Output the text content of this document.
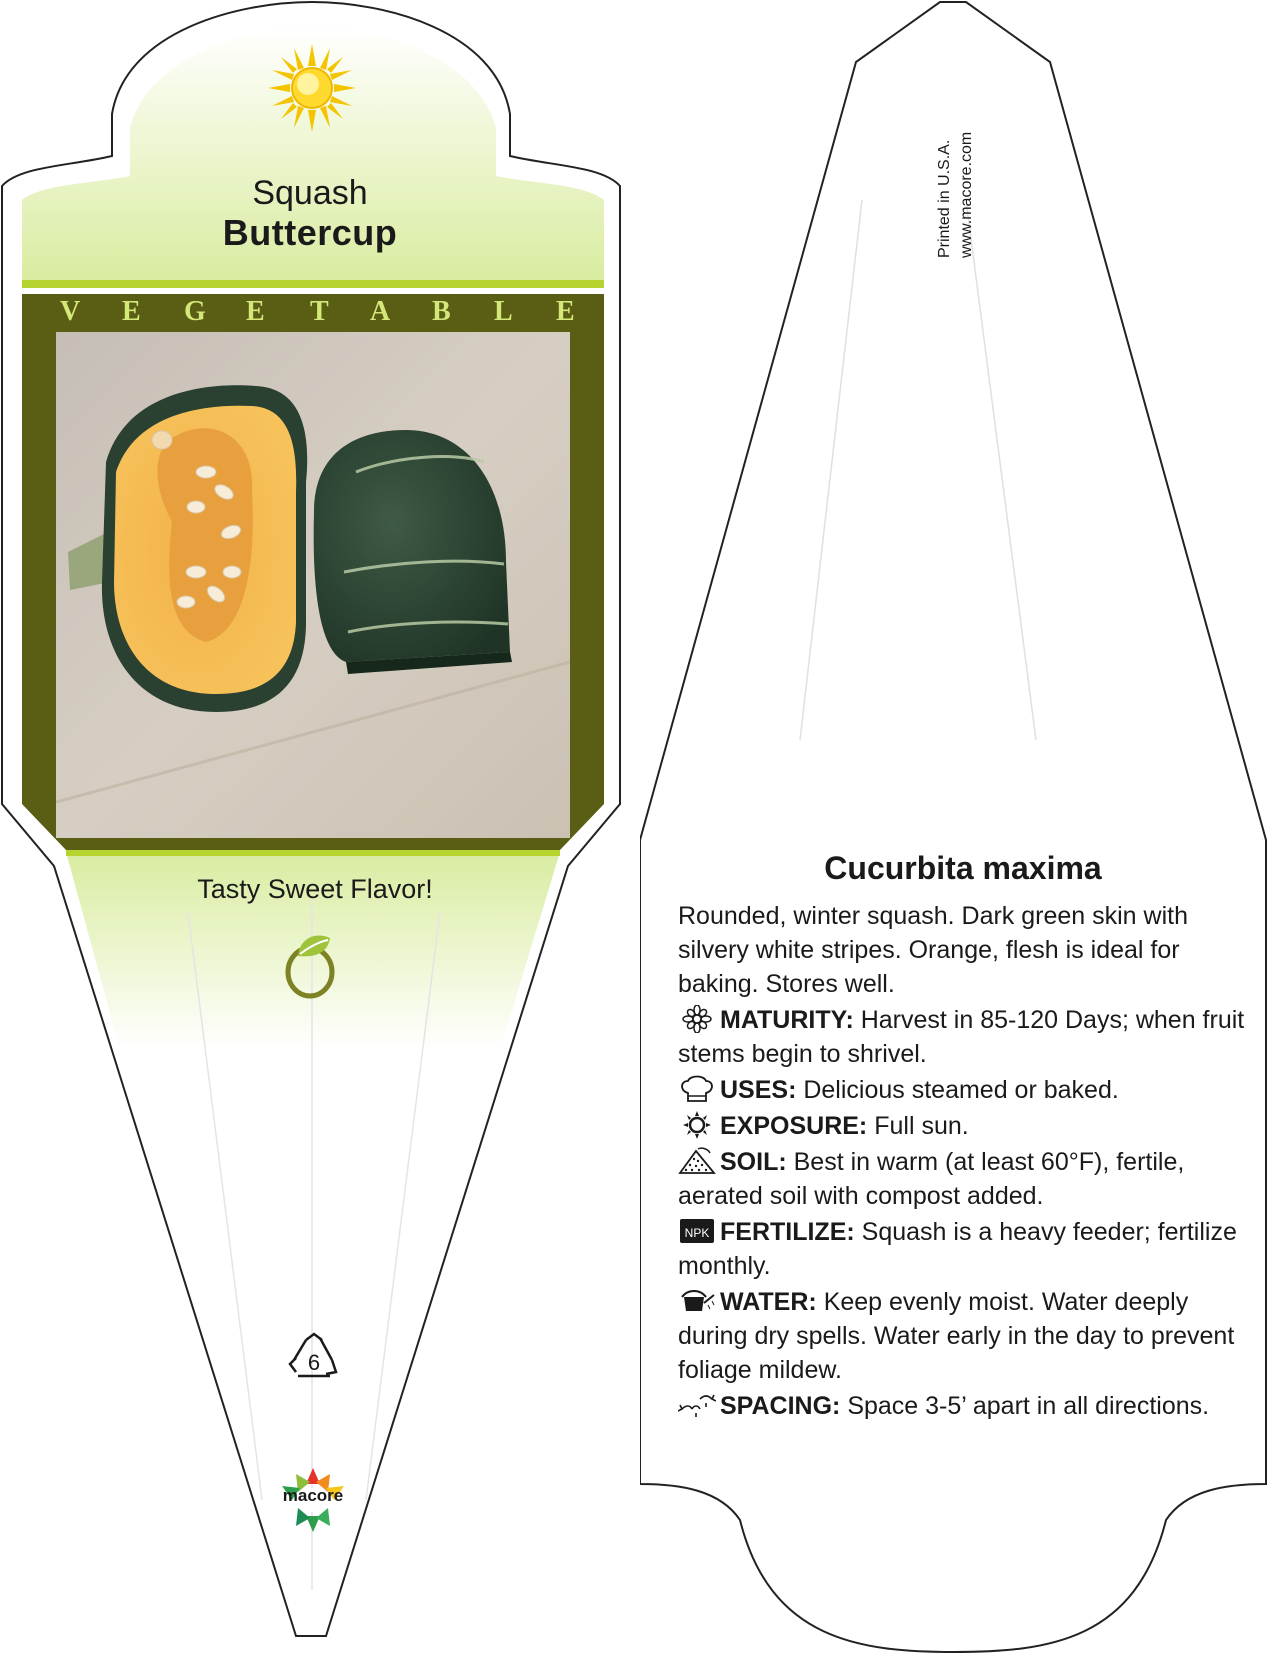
Squash
Buttercup
V E G E T A B L E
Tasty Sweet Flavor!
6
macore
Printed in U.S.A. www.macore.com
Cucurbita maxima

Rounded, winter squash. Dark green skin with silvery white stripes. Orange, flesh is ideal for baking. Stores well.

MATURITY: Harvest in 85-120 Days; when fruit stems begin to shrivel.

USES: Delicious steamed or baked.

EXPOSURE: Full sun.

SOIL: Best in warm (at least 60°F), fertile, aerated soil with compost added.

NPK FERTILIZE: Squash is a heavy feeder; fertilize monthly.

WATER: Keep evenly moist. Water deeply during dry spells. Water early in the day to prevent foliage mildew.

SPACING: Space 3-5’ apart in all directions.
